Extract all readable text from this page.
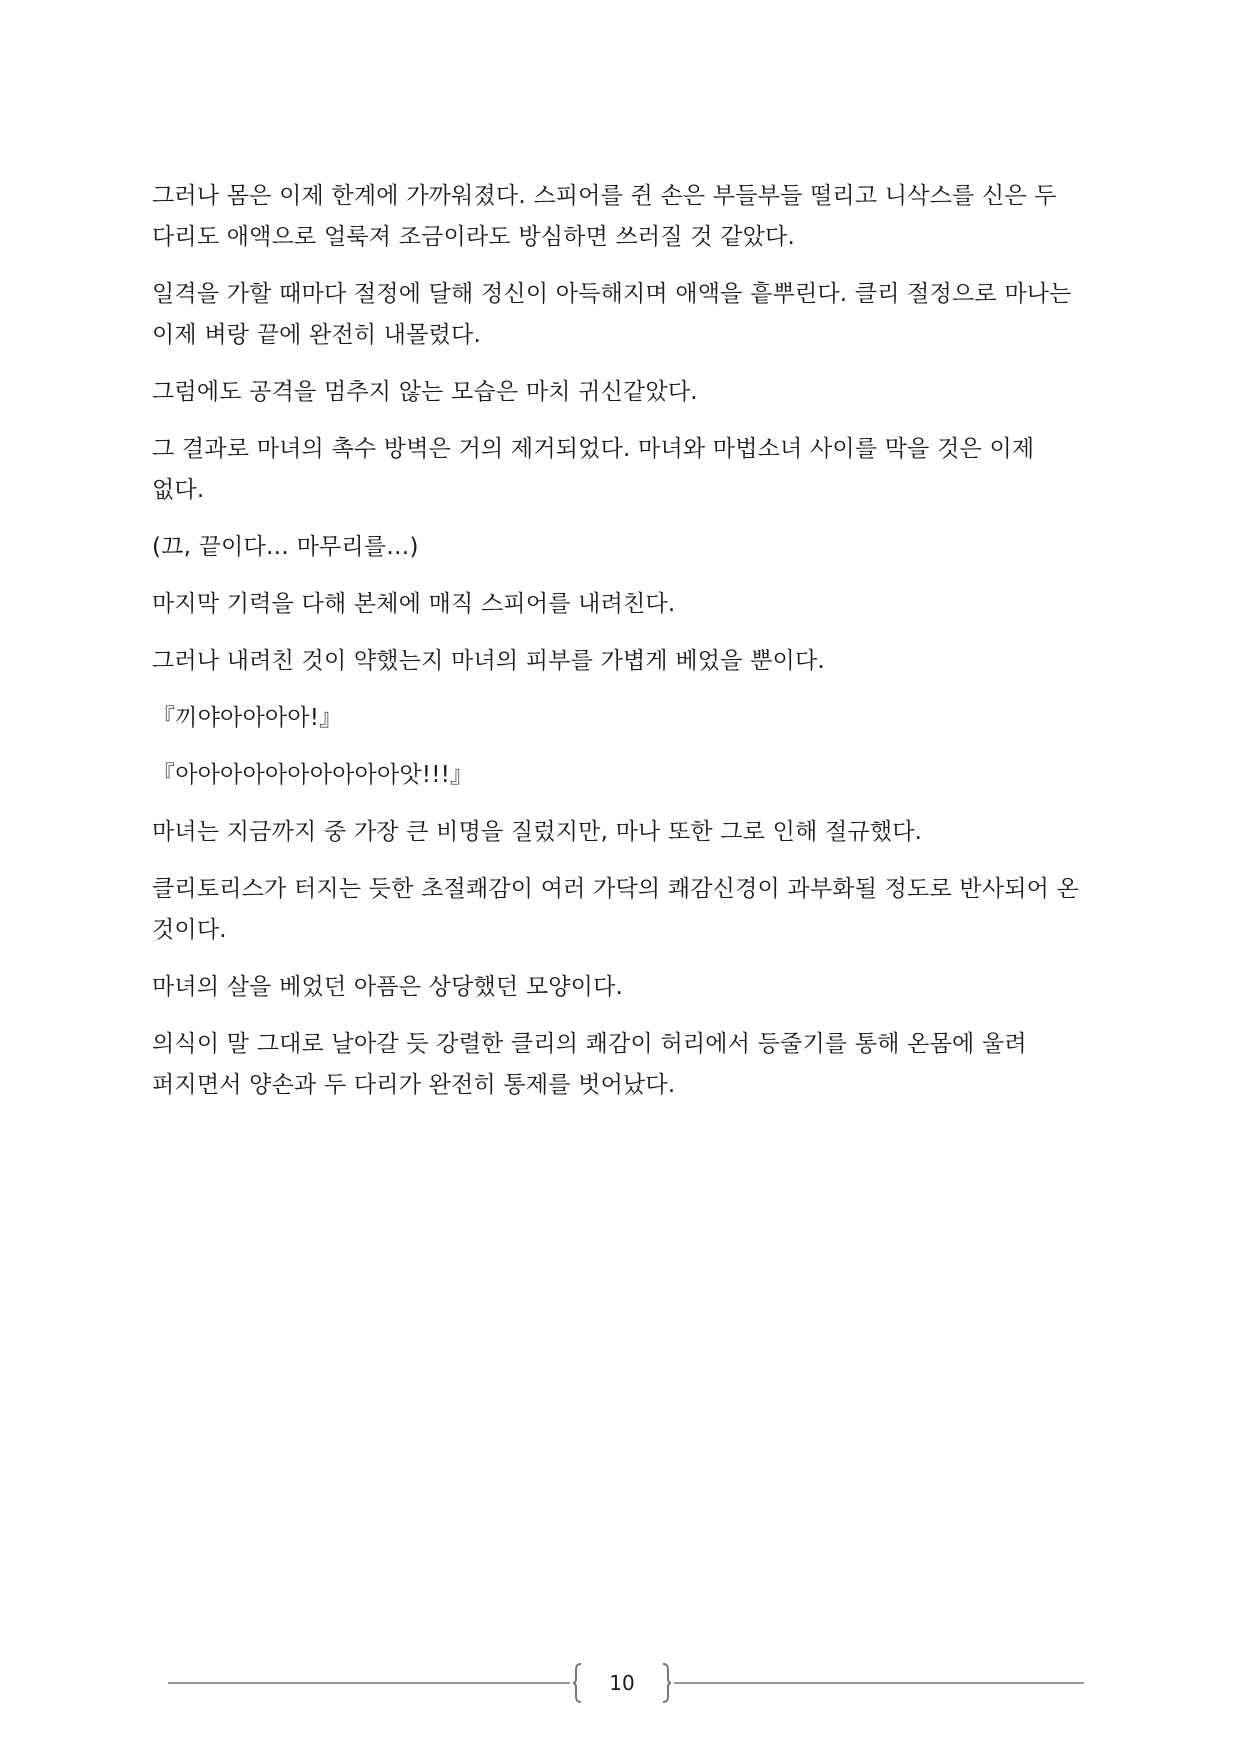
그러나 몸은 이제 한계에 가까워졌다. 스피어를 쥔 손은 부들부들 떨리고 니삭스를 신은 두 다리도 애액으로 얼룩져 조금이라도 방심하면 쓰러질 것 같았다.

일격을 가할 때마다 절정에 달해 정신이 아득해지며 애액을 흩뿌린다. 클리 절정으로 마나는 이제 벼랑 끝에 완전히 내몰렸다.

그럼에도 공격을 멈추지 않는 모습은 마치 귀신같았다.

그 결과로 마녀의 촉수 방벽은 거의 제거되었다. 마녀와 마법소녀 사이를 막을 것은 이제 없다.

(끄, 끝이다… 마무리를…)

마지막 기력을 다해 본체에 매직 스피어를 내려친다.

그러나 내려친 것이 약했는지 마녀의 피부를 가볍게 베었을 뿐이다.

『끼야아아아아!』

『아아아아아아아아아아앗!!!』

마녀는 지금까지 중 가장 큰 비명을 질렀지만, 마나 또한 그로 인해 절규했다.

클리토리스가 터지는 듯한 초절쾌감이 여러 가닥의 쾌감신경이 과부화될 정도로 반사되어 온 것이다.

마녀의 살을 베었던 아픔은 상당했던 모양이다.

의식이 말 그대로 날아갈 듯 강렬한 클리의 쾌감이 허리에서 등줄기를 통해 온몸에 울려 퍼지면서 양손과 두 다리가 완전히 통제를 벗어났다.

10
